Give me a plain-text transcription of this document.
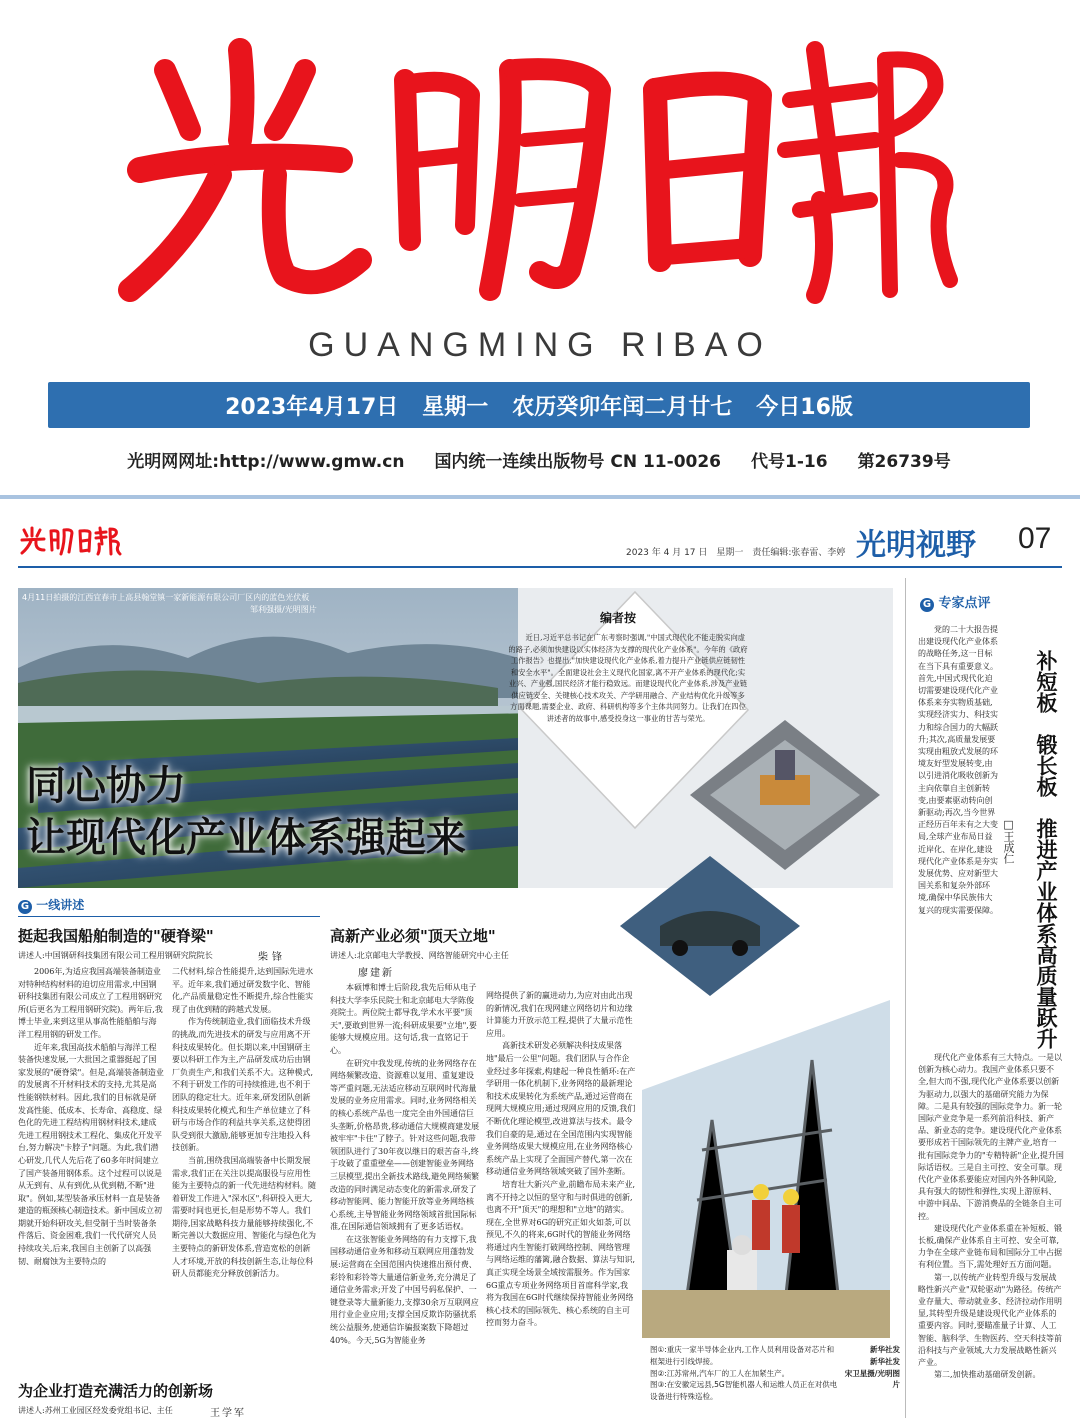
GUANGMING RIBAO
2023年4月17日 星期一 农历癸卯年闰二月廿七 今日16版
光明网网址:http://www.gmw.cn 国内统一连续出版物号 CN 11-0026 代号1-16 第26739号
2023 年 4 月 17 日　星期一　责任编辑:张春雷、李婷 光明视野 07
4月11日拍摄的江西宜春市上高县翰堂镇一家新能源有限公司厂区内的蓝色光伏板
邹利强摄/光明图片
编者按
　　近日,习近平总书记在广东考察时强调,"中国式现代化不能走脱实向虚的路子,必须加快建设以实体经济为支撑的现代化产业体系"。今年的《政府工作报告》也提出,"加快建设现代化产业体系,着力提升产业链供应链韧性和安全水平"。全面建设社会主义现代化国家,离不开产业体系的现代化;实业兴、产业强,国民经济才能行稳致远。而建设现代化产业体系,涉及产业链供应链安全、关键核心技术攻关、产学研用融合、产业结构优化升级等多方面课题,需要企业、政府、科研机构等多个主体共同努力。让我们在四位讲述者的故事中,感受投身这一事业的甘苦与荣光。
同心协力
让现代化产业体系强起来
G 专家点评
补短板　锻长板　推进产业体系高质量跃升
□王成仁
　　党的二十大报告提出建设现代化产业体系的战略任务,这一目标在当下具有重要意义。首先,中国式现代化迫切需要建设现代化产业体系来夯实物质基础,实现经济实力、科技实力和综合国力的大幅跃升;其次,高质量发展要实现由粗放式发展的环境友好型发展转变,由以引进消化吸收创新为主向依靠自主创新转变,由要素驱动转向创新驱动;再次,当今世界正经历百年未有之大变局,全球产业布局日益近岸化、在岸化,建设现代化产业体系是夯实发展优势、应对新型大国关系和复杂外部环境,确保中华民族伟大复兴的现实需要保障。
　　现代化产业体系有三大特点。一是以创新为核心动力。我国产业体系只要不全,但大而不强,现代化产业体系要以创新为驱动力,以强大的基础研究能力为保障。二是具有较强的国际竞争力。新一轮国际产业竞争是一系列前沿科技、新产品、新业态的竞争。建设现代化产业体系要形成若干国际领先的主牌产业,培育一批有国际竞争力的"专精特新"企业,提升国际话语权。三是自主可控、安全可靠。现代化产业体系要能应对国内外各种风险,具有强大的韧性和弹性,实现上游原料、中游中间品、下游消费品的全链条自主可控。
　　建设现代化产业体系重在补短板、锻长板,确保产业体系自主可控、安全可靠,力争在全球产业链布局和国际分工中占据有利位置。当下,需处理好五方面问题。
　　第一,以传统产业转型升级与发展战略性新兴产业"双轮驱动"为路径。传统产业存量大、带动就业多、经济拉动作用明显,其转型升级是建设现代化产业体系的重要内容。同时,要瞄准量子计算、人工智能、脑科学、生物医药、空天科技等前沿科技与产业领域,大力发展战略性新兴产业。
　　第二,加快推动基础研发创新。
G 一线讲述
挺起我国船舶制造的"硬脊梁"
讲述人:中国钢研科技集团有限公司工程用钢研究院院长	柴锋
　　2006年,为适应我国高端装备制造业对特种结构材料的迫切应用需求,中国钢研科技集团有限公司成立了工程用钢研究所(后更名为工程用钢研究院)。两年后,我博士毕业,来到这里从事高性能船舶与海洋工程用钢的研发工作。
　　近年来,我国高技术船舶与海洋工程装备快速发展,一大批国之重器挺起了国家发展的"硬脊梁"。但是,高端装备制造业的发展离不开材料技术的支持,尤其是高性能钢铁材料。因此,我们的目标就是研发高性能、低成本、长寿命、高稳度、绿色化的先进工程结构用钢材料技术,建成先进工程用钢技术工程化、集成化开发平台,努力解决"卡脖子"问题。为此,我们潜心研发,几代人先后花了60多年时间建立了国产装备用钢体系。这个过程可以说是从无到有、从有到优,从优到精,不断"进取"。例如,某型装备承压材料一直是装备建造的瓶颈核心制造技术。新中国成立初期就开始科研攻关,但受制于当时装备条件落后、资金困难,我们一代代研究人员持续攻关,后来,我国自主创新了以高强韧、耐腐蚀为主要特点的
二代材料,综合性能提升,达到国际先进水平。近年来,我们通过研发数字化、智能化,产品质量稳定性不断提升,综合性能实现了由优到精的跨越式发展。
　　作为传统制造业,我们面临技术升级的挑战,而先进技术的研发与应用离不开科技成果转化。但长期以来,中国钢研主要以科研工作为主,产品研发成功后由钢厂负责生产,和我们关系不大。这种模式,不利于研发工作的可持续推进,也不利于团队的稳定壮大。近年来,研发团队创新科技成果转化模式,和生产单位建立了科研与市场合作的利益共享关系,这使得团队受到很大激励,能够更加专注地投入科技创新。
　　当前,围绕我国高端装备中长期发展需求,我们正在关注以提高服役与应用性能为主要特点的新一代先进结构材料。随着研发工作进入"深水区",科研投入更大,需要时间也更长,但是形势不等人。我们期待,国家战略科技力量能够持续强化,不断完善以大数据应用、智能化与绿色化为主要特点的新研发体系,营造宽松的创新人才环境,开放的科技创新生态,让每位科研人员都能充分释放创新活力。
高新产业必须"顶天立地"
讲述人:北京邮电大学教授、网络智能研究中心主任
廖建新
　　本硕博和博士后阶段,我先后师从电子科技大学李乐民院士和北京邮电大学陈俊亮院士。两位院士都导我,学术水平要"顶天",要敢到世界一流;科研成果要"立地",要能够大规模应用。这句话,我一直铭记于心。
　　在研究中我发现,传统的业务网络存在网络频繁改造、资源难以复用、重复建设等严重问题,无法适应移动互联网时代海量发展的业务应用需求。同时,业务网络相关的核心系统产品也一度完全由外国通信巨头垄断,价格昂贵,移动通信大规模商建发展被牢牢"卡住"了脖子。针对这些问题,我带领团队进行了30年夜以继日的艰苦奋斗,终于攻破了重重壁垒——创建智能业务网络三层模型,提出全新技术路线,避免网络频繁改造的同时满足动态变化的新需求,研发了移动智能网、能力智能开放等业务网络核心系统,主导智能业务网络领域首批国际标准,在国际通信领域拥有了更多话语权。
　　在这张智能业务网络的有力支撑下,我国移动通信业务和移动互联网应用蓬勃发展:运营商在全国范围内快速推出预付费、彩铃和彩铃等大量通信新业务,充分满足了通信业务需求;开发了中国号码私保护、一键登录等大量新能力,支撑30余万互联网应用行业企业应用;支撑全国反欺诈防骚扰系统公益服务,使通信诈骗报案数下降超过40%。今天,5G为智能业务
网络提供了新的赢进动力,为应对由此出现的新情况,我们在现网建立网络切片和边缘计算能力开放示范工程,提供了大量示范性应用。
　　高新技术研发必须解决科技成果落地"最后一公里"问题。我们团队与合作企业经过多年探索,构建起一种良性循环:在产学研用一体化机制下,业务网络的最新理论和技术成果转化为系统产品,通过运营商在现网大规模应用;通过现网应用的反馈,我们不断优化理论模型,改进算法与技术。最令我们自豪的是,通过在全国范围内实现智能业务网络成果大规模应用,在业务网络核心系统产品上实现了全面国产替代,第一次在移动通信业务网络领域突破了国外垄断。
　　培育壮大新兴产业,前瞻布局未来产业,离不开持之以恒的坚守和与时俱进的创新,也离不开"顶天"的理想和"立地"的踏实。现在,全世界对6G的研究正如火如荼,可以预见,不久的将来,6G时代的智能业务网络将通过内生智能打破网络控制、网络管理与网络运维的藩篱,融合数据、算法与知识,真正实现全场景全域按需服务。作为国家6G重点专项业务网络项目首席科学家,我将为我国在6G时代继续保持智能业务网络核心技术的国际领先、核心系统的自主可控而努力奋斗。
为企业打造充满活力的创新场
讲述人:苏州工业园区经发委党组书记、主任	王学军
图①:重庆一家半导体企业内,工作人员利用设备对芯片和框架进行引线焊接。
图②:江苏常州,汽车厂的工人在加紧生产。
图③:在安徽定远县,5G智能机器人和运维人员正在对供电设备进行特殊巡检。
新华社发
新华社发
宋卫星摄/光明图片
